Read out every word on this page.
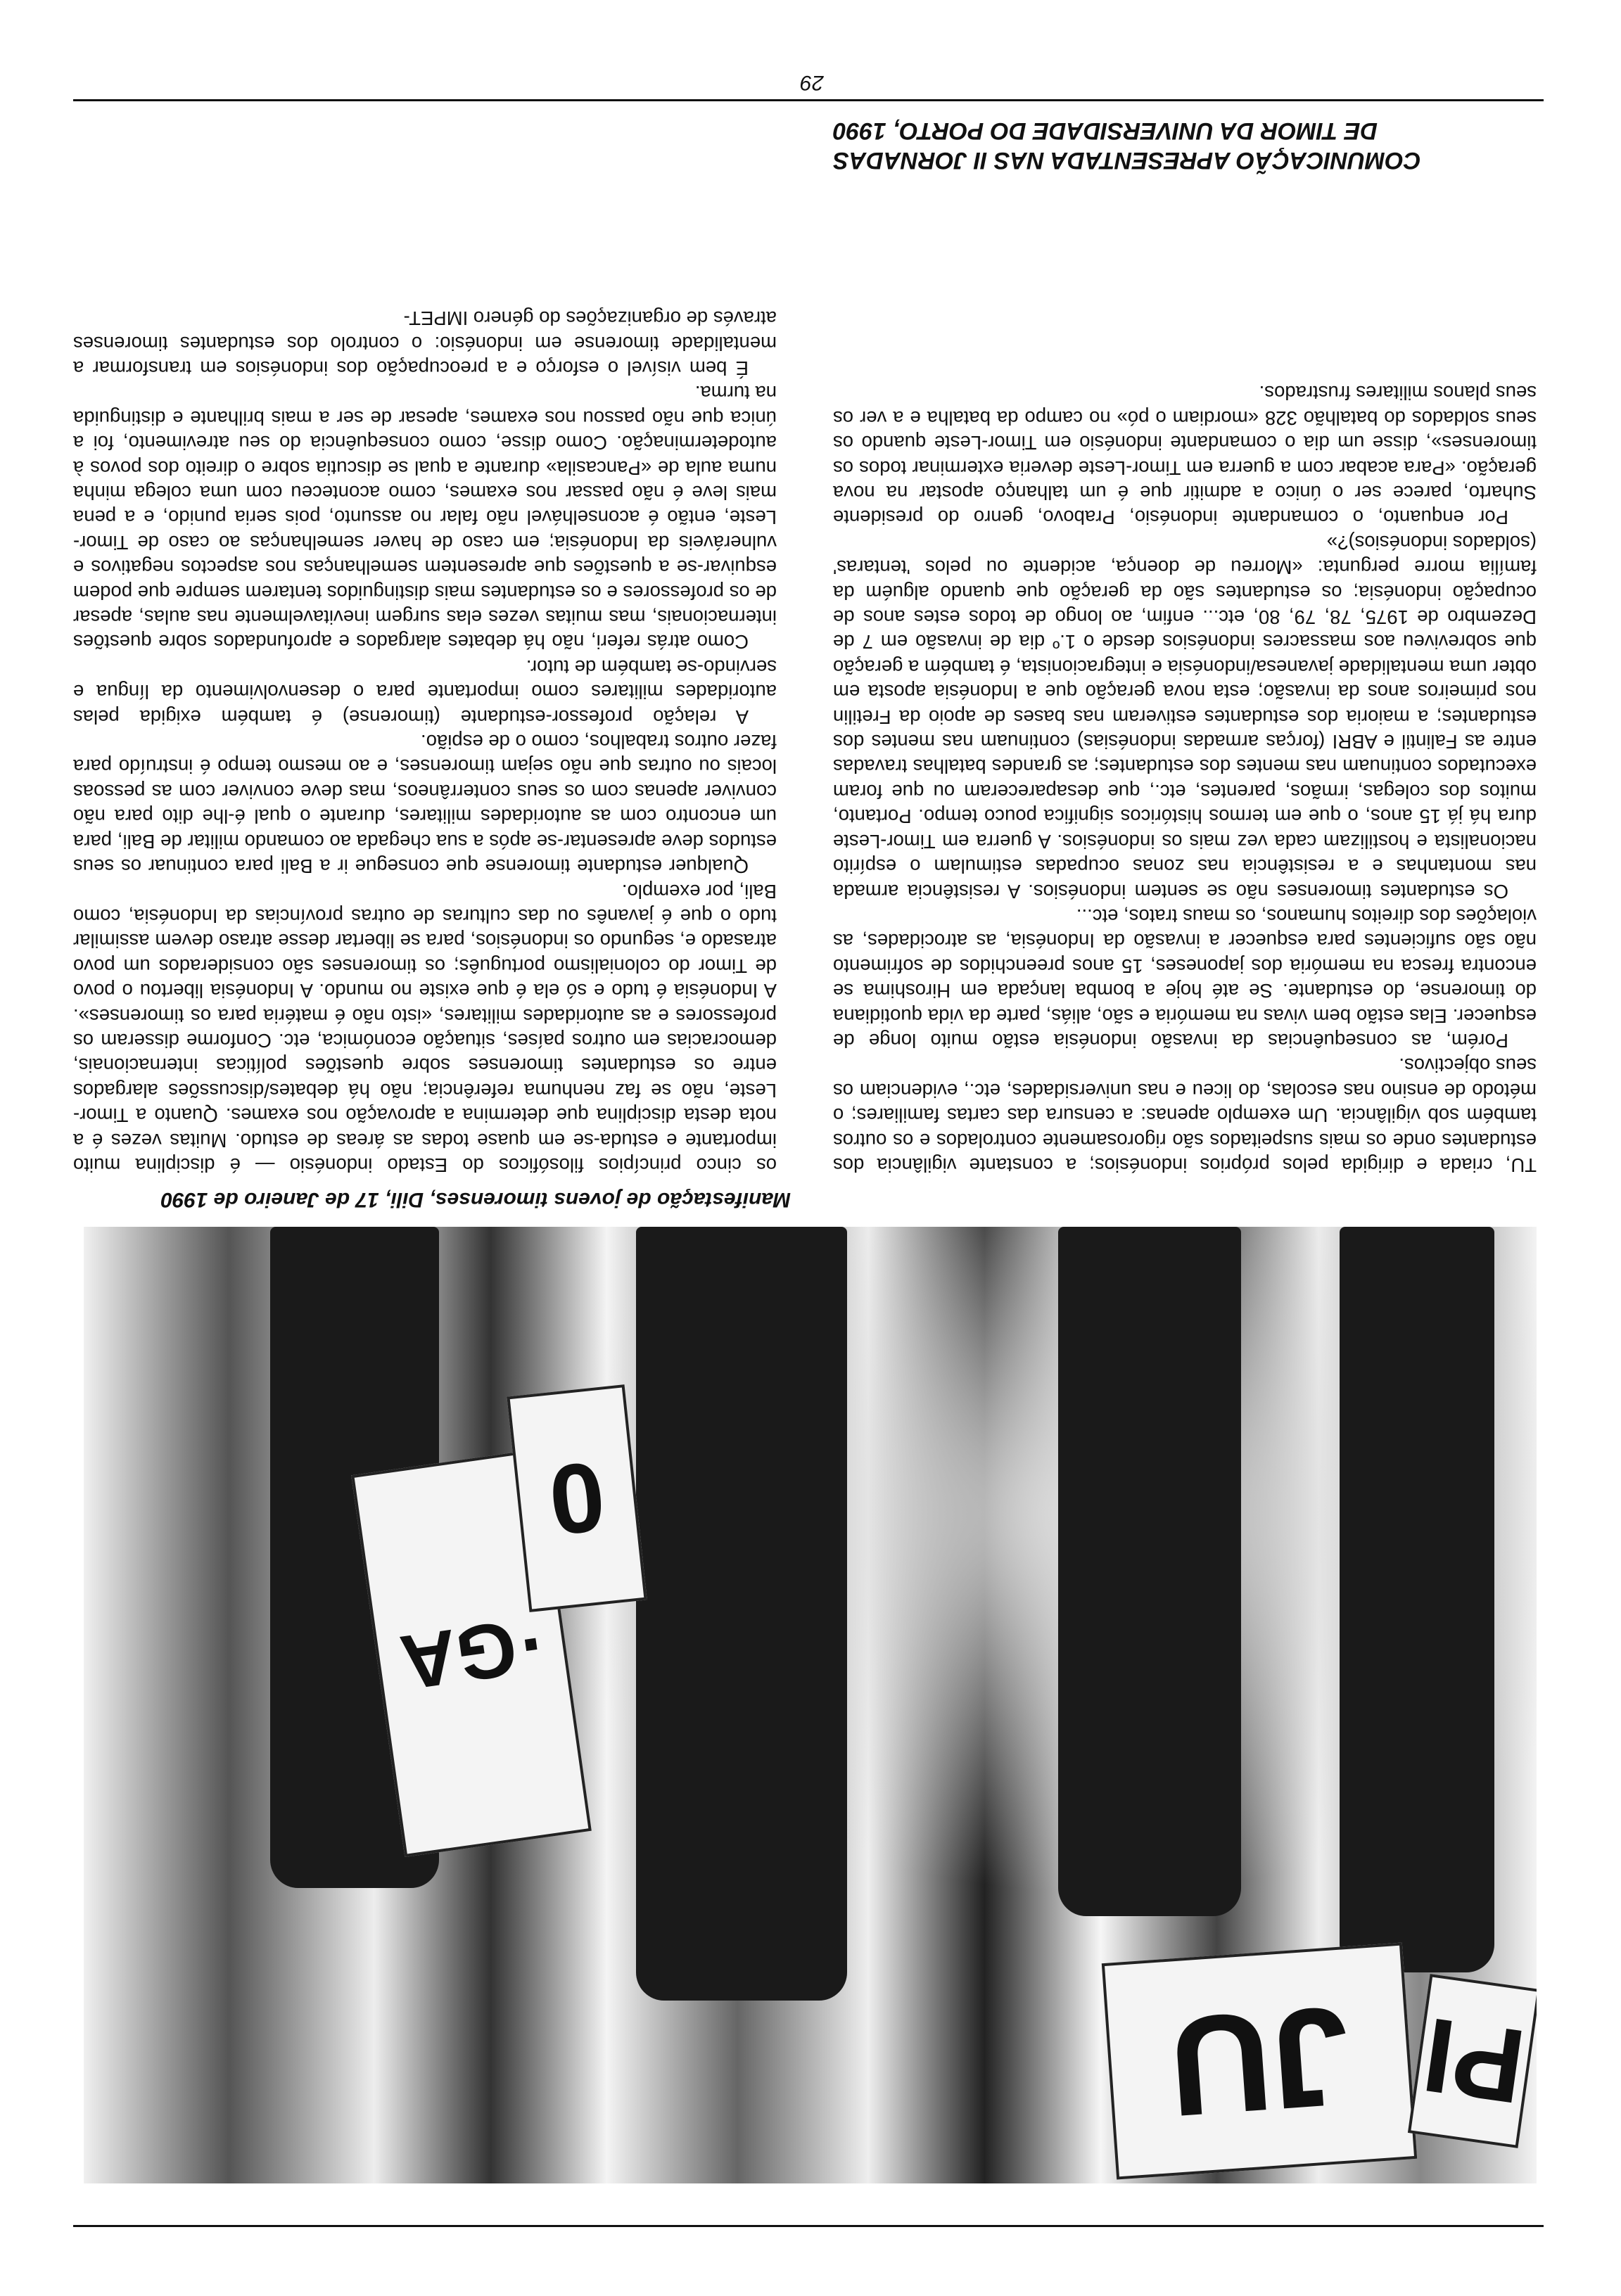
JU PI
·GA
0
Manifestação de jovens timorenses, Dili, 17 de Janeiro de 1990

os cinco princípios filosóficos do Estado indonésio — é disciplina muito importante e estuda-se em quase todas as áreas de estudo. Muitas vezes é a nota desta disciplina que determina a aprovação nos exames. Quanto a Timor-Leste, não se faz nenhuma referência; não há debates/discussões alargados entre os estudantes timorenses sobre questões políticas internacionais, democracias em outros países, situação económica, etc. Conforme disseram os professores e as autoridades militares, «isto não é matéria para os timorenses». A Indonésia é tudo e só ela é que existe no mundo. A Indonésia libertou o povo de Timor do colonialismo português; os timorenses são considerados um povo atrasado e, segundo os indonésios, para se libertar desse atraso devem assimilar tudo o que é javanês ou das culturas de outras províncias da Indonésia, como Bali, por exemplo.

Qualquer estudante timorense que consegue ir a Bali para continuar os seus estudos deve apresentar-se após a sua chegada ao comando militar de Bali, para um encontro com as autoridades militares, durante o qual é-lhe dito para não conviver apenas com os seus conterrâneos, mas deve conviver com as pessoas locais ou outras que não sejam timorenses, e ao mesmo tempo é instruído para fazer outros trabalhos, como o de espião.

A relação professor-estudante (timorense) é também exigida pelas autoridades militares como importante para o desenvolvimento da língua e servindo-se também de tutor.

Como atrás referi, não há debates alargados e aprofundados sobre questões internacionais, mas muitas vezes elas surgem inevitavelmente nas aulas, apesar de os professores e os estudantes mais distinguidos tentarem sempre que podem esquivar-se a questões que apresentem semelhanças nos aspectos negativos e vulneráveis da Indonésia; em caso de haver semelhanças ao caso de Timor-Leste, então é aconselhável não falar no assunto, pois seria punido, e a pena mais leve é não passar nos exames, como aconteceu com uma colega minha numa aula de «Pancasila» durante a qual se discutia sobre o direito dos povos à autodeterminação. Como disse, como consequência do seu atrevimento, foi a única que não passou nos exames, apesar de ser a mais brilhante e distinguida na turma.

É bem visível o esforço e a preocupação dos indonésios em transformar a mentalidade timorense em indonésio: o controlo dos estudantes timorenses através de organizações do género IMPET-

TU, criada e dirigida pelos próprios indonésios; a constante vigilância dos estudantes onde os mais suspeitados são rigorosamente controlados e os outros também sob vigilância. Um exemplo apenas: a censura das cartas familiares; o método de ensino nas escolas, do liceu e nas universidades, etc., evidenciam os seus objectivos.

Porém, as consequências da invasão indonésia estão muito longe de esquecer. Elas estão bem vivas na memória e são, aliás, parte da vida quotidiana do timorense, do estudante. Se até hoje a bomba lançada em Hiroshima se encontra fresca na memória dos japoneses, 15 anos preenchidos de sofrimento não são suficientes para esquecer a invasão da Indonésia, as atrocidades, as violações dos direitos humanos, os maus tratos, etc...

Os estudantes timorenses não se sentem indonésios. A resistência armada nas montanhas e a resistência nas zonas ocupadas estimulam o espírito nacionalista e hostilizam cada vez mais os indonésios. A guerra em Timor-Leste dura há já 15 anos, o que em termos históricos significa pouco tempo. Portanto, muitos dos colegas, irmãos, parentes, etc., que desapareceram ou que foram executados continuam nas mentes dos estudantes; as grandes batalhas travadas entre as Falintil e ABRI (forças armadas indonésias) continuam nas mentes dos estudantes; a maioria dos estudantes estiveram nas bases de apoio da Fretilin nos primeiros anos da invasão; esta nova geração que a Indonésia aposta em obter uma mentalidade javanesa/indonésia e integracionista, é também a geração que sobreviveu aos massacres indonésios desde o 1.º dia de invasão em 7 de Dezembro de 1975, 78, 79, 80, etc... enfim, ao longo de todos estes anos de ocupação indonésia; os estudantes são da geração que quando alguém da família morre pergunta: «Morreu de doença, acidente ou pelos 'tentaras' (soldados indonésios)?»

Por enquanto, o comandante indonésio, Prabovo, genro do presidente Suharto, parece ser o único a admitir que é um talhanço apostar na nova geração. «Para acabar com a guerra em Timor-Leste deveria exterminar todos os timorenses», disse um dia o comandante indonésio em Timor-Leste quando os seus soldados do batalhão 328 «mordiam o pó» no campo da batalha e a ver os seus planos militares frustrados.

COMUNICAÇÃO APRESENTADA NAS II JORNADAS
DE TIMOR DA UNIVERSIDADE DO PORTO, 1990
29
